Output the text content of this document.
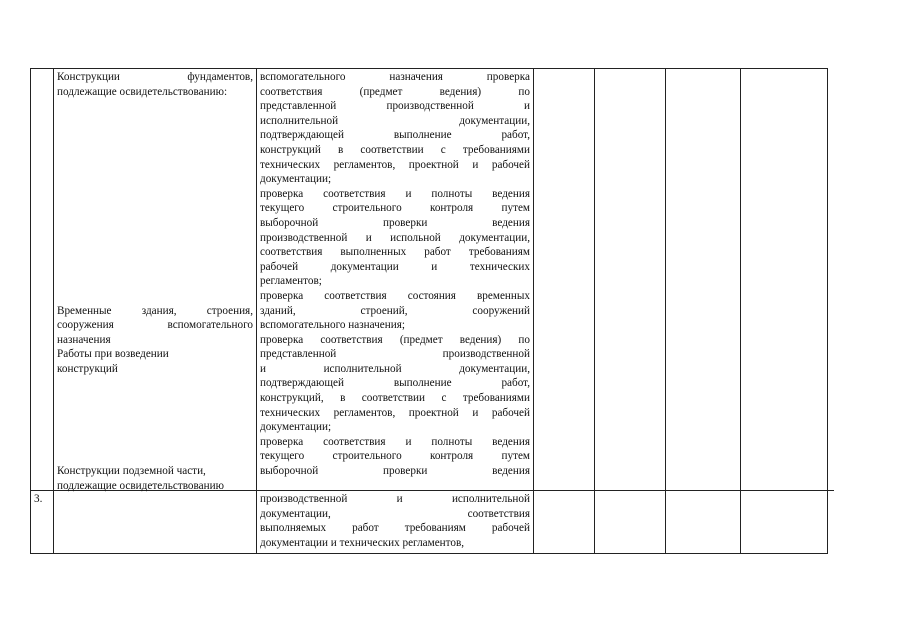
Конструкции фундаментов,
подлежащие освидетельствованию:
Временные здания, строения,
сооружения вспомогательного
назначения
Работы при возведении
конструкций
Конструкции подземной части,
подлежащие освидетельствованию
вспомогательного назначения проверка
соответствия (предмет ведения) по
представленной производственной и
исполнительной документации,
подтверждающей выполнение работ,
конструкций в соответствии с требованиями
технических регламентов, проектной и рабочей
документации;
проверка соответствия и полноты ведения
текущего строительного контроля путем
выборочной проверки ведения
производственной и испольной документации,
соответствия выполненных работ требованиям
рабочей документации и технических
регламентов;
проверка соответствия состояния временных
зданий, строений, сооружений
вспомогательного назначения;
проверка соответствия (предмет ведения) по
представленной производственной
и исполнительной документации,
подтверждающей выполнение работ,
конструкций, в соответствии с требованиями
технических регламентов, проектной и рабочей
документации;
проверка соответствия и полноты ведения
текущего строительного контроля путем
выборочной проверки ведения
3.	производственной и исполнительной
документации, соответствия
выполняемых работ требованиям рабочей
документации и технических регламентов,
